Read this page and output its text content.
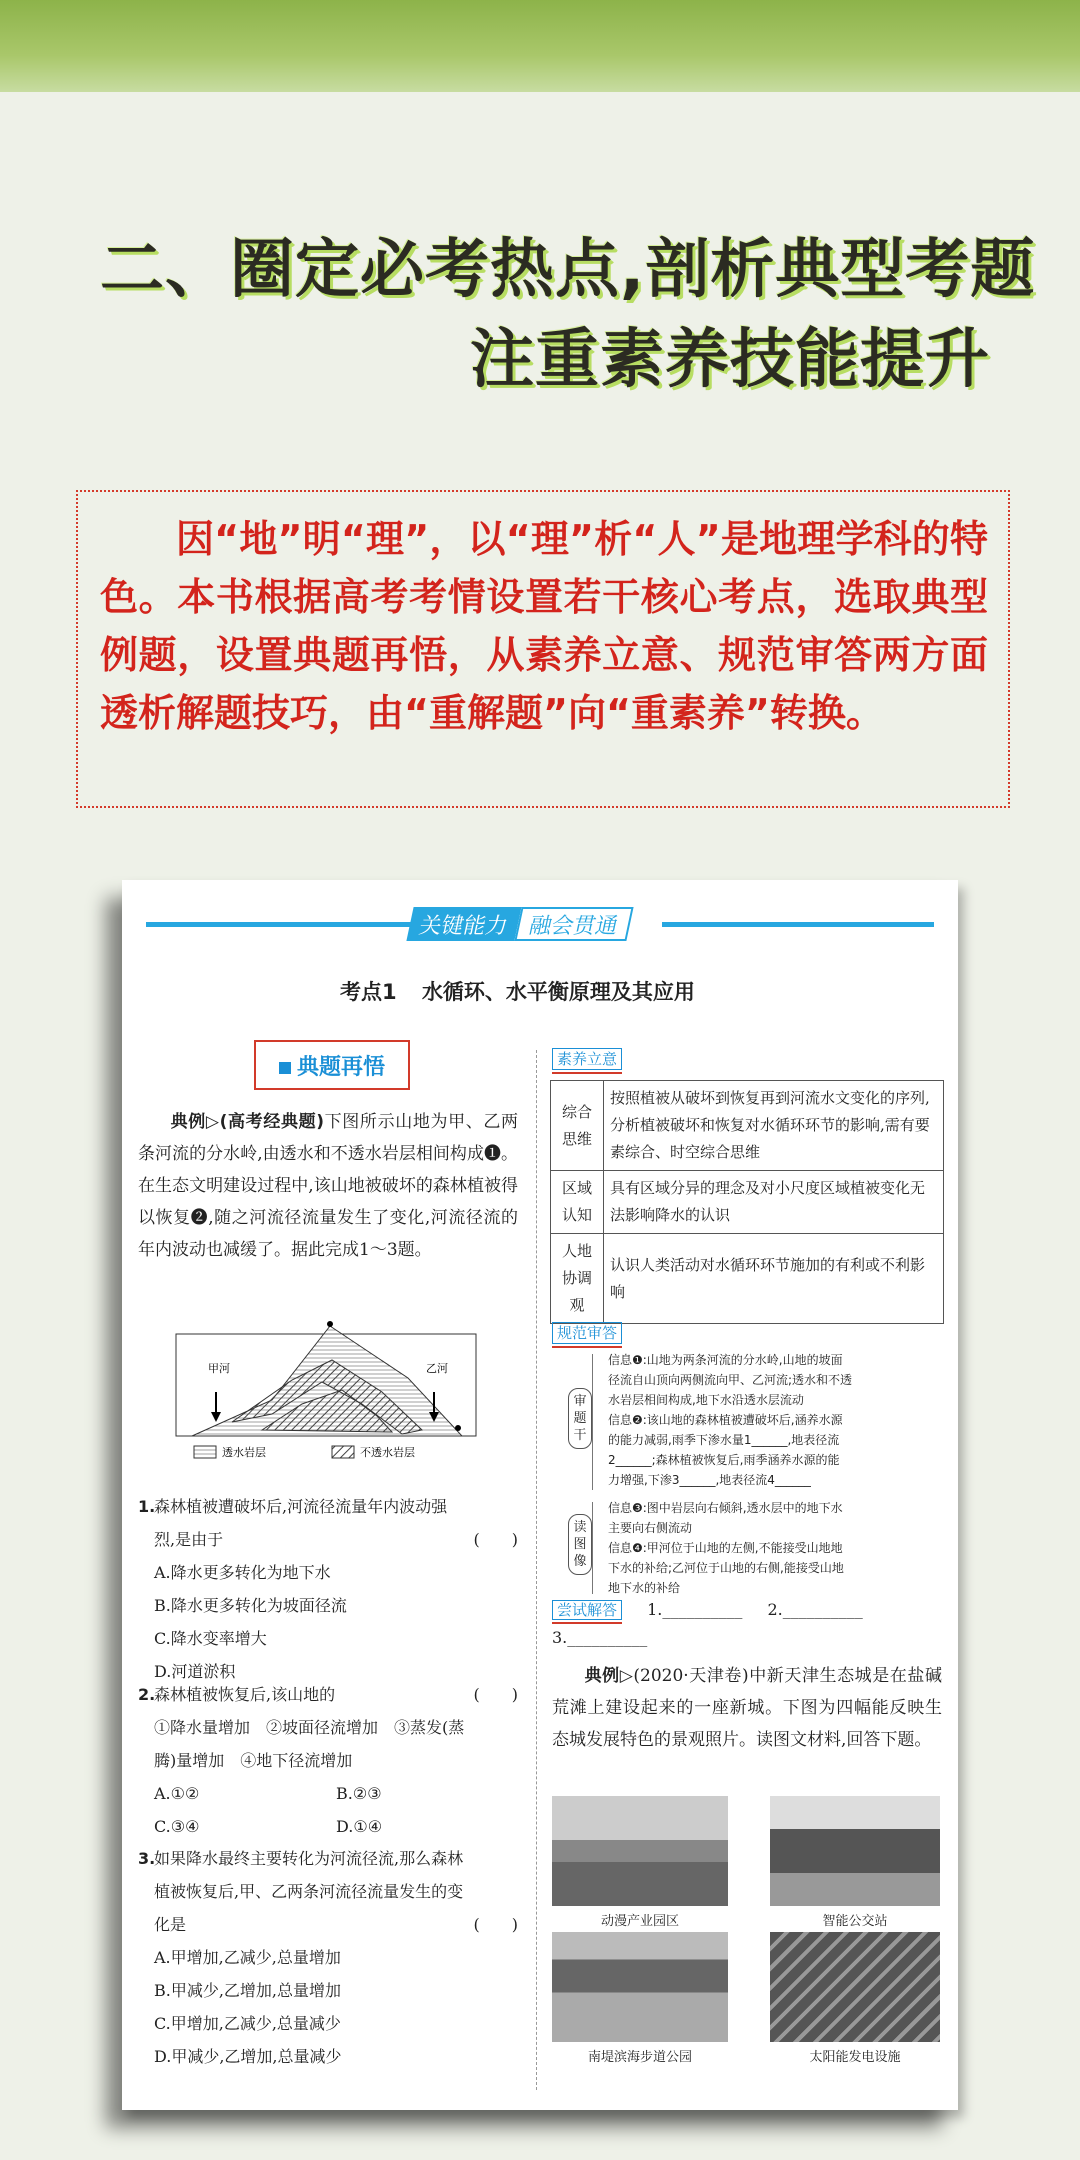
二、圈定必考热点,剖析典型考题
注重素养技能提升

因“地”明“理”，以“理”析“人”是地理学科的特色。本书根据高考考情设置若干核心考点，选取典型例题，设置典题再悟，从素养立意、规范审答两方面透析解题技巧，由“重解题”向“重素养”转换。

关键能力 融会贯通
考点1 水循环、水平衡原理及其应用
典题再悟
典例▷(高考经典题)下图所示山地为甲、乙两条河流的分水岭,由透水和不透水岩层相间构成❶。在生态文明建设过程中,该山地被破坏的森林植被得以恢复❷,随之河流径流量发生了变化,河流径流的年内波动也减缓了。据此完成1～3题。
甲河	乙河
透水岩层	不透水岩层
1.
森林植被遭破坏后,河流径流量年内波动强
烈,是由于	(　　)
A.降水更多转化为地下水
B.降水更多转化为坡面径流
C.降水变率增大
D.河道淤积
2.
森林植被恢复后,该山地的	(　　)
①降水量增加　②坡面径流增加　③蒸发(蒸
腾)量增加　④地下径流增加
A.①②	B.②③
C.③④	D.①④
3.
如果降水最终主要转化为河流径流,那么森林
植被恢复后,甲、乙两条河流径流量发生的变
化是	(　　)
A.甲增加,乙减少,总量增加
B.甲减少,乙增加,总量增加
C.甲增加,乙减少,总量减少
D.甲减少,乙增加,总量减少
素养立意
综合思维	按照植被从破坏到恢复再到河流水文变化的序列,分析植被破坏和恢复对水循环环节的影响,需有要素综合、时空综合思维
区域认知	具有区域分异的理念及对小尺度区域植被变化无法影响降水的认识
人地协调观	认识人类活动对水循环环节施加的有利或不利影响
规范审答
审题干
信息❶:山地为两条河流的分水岭,山地的坡面
径流自山顶向两侧流向甲、乙河流;透水和不透
水岩层相间构成,地下水沿透水层流动
信息❷:该山地的森林植被遭破坏后,涵养水源
的能力减弱,雨季下渗水量1______,地表径流
2______;森林植被恢复后,雨季涵养水源的能
力增强,下渗3______,地表径流4______
读图像
信息❸:图中岩层向右倾斜,透水层中的地下水
主要向右侧流动
信息❹:甲河位于山地的左侧,不能接受山地地
下水的补给;乙河位于山地的右侧,能接受山地
地下水的补给
尝试解答 1.__________ 2.__________
3.__________
典例▷(2020·天津卷)中新天津生态城是在盐碱荒滩上建设起来的一座新城。下图为四幅能反映生态城发展特色的景观照片。读图文材料,回答下题。
动漫产业园区	智能公交站
南堤滨海步道公园	太阳能发电设施
